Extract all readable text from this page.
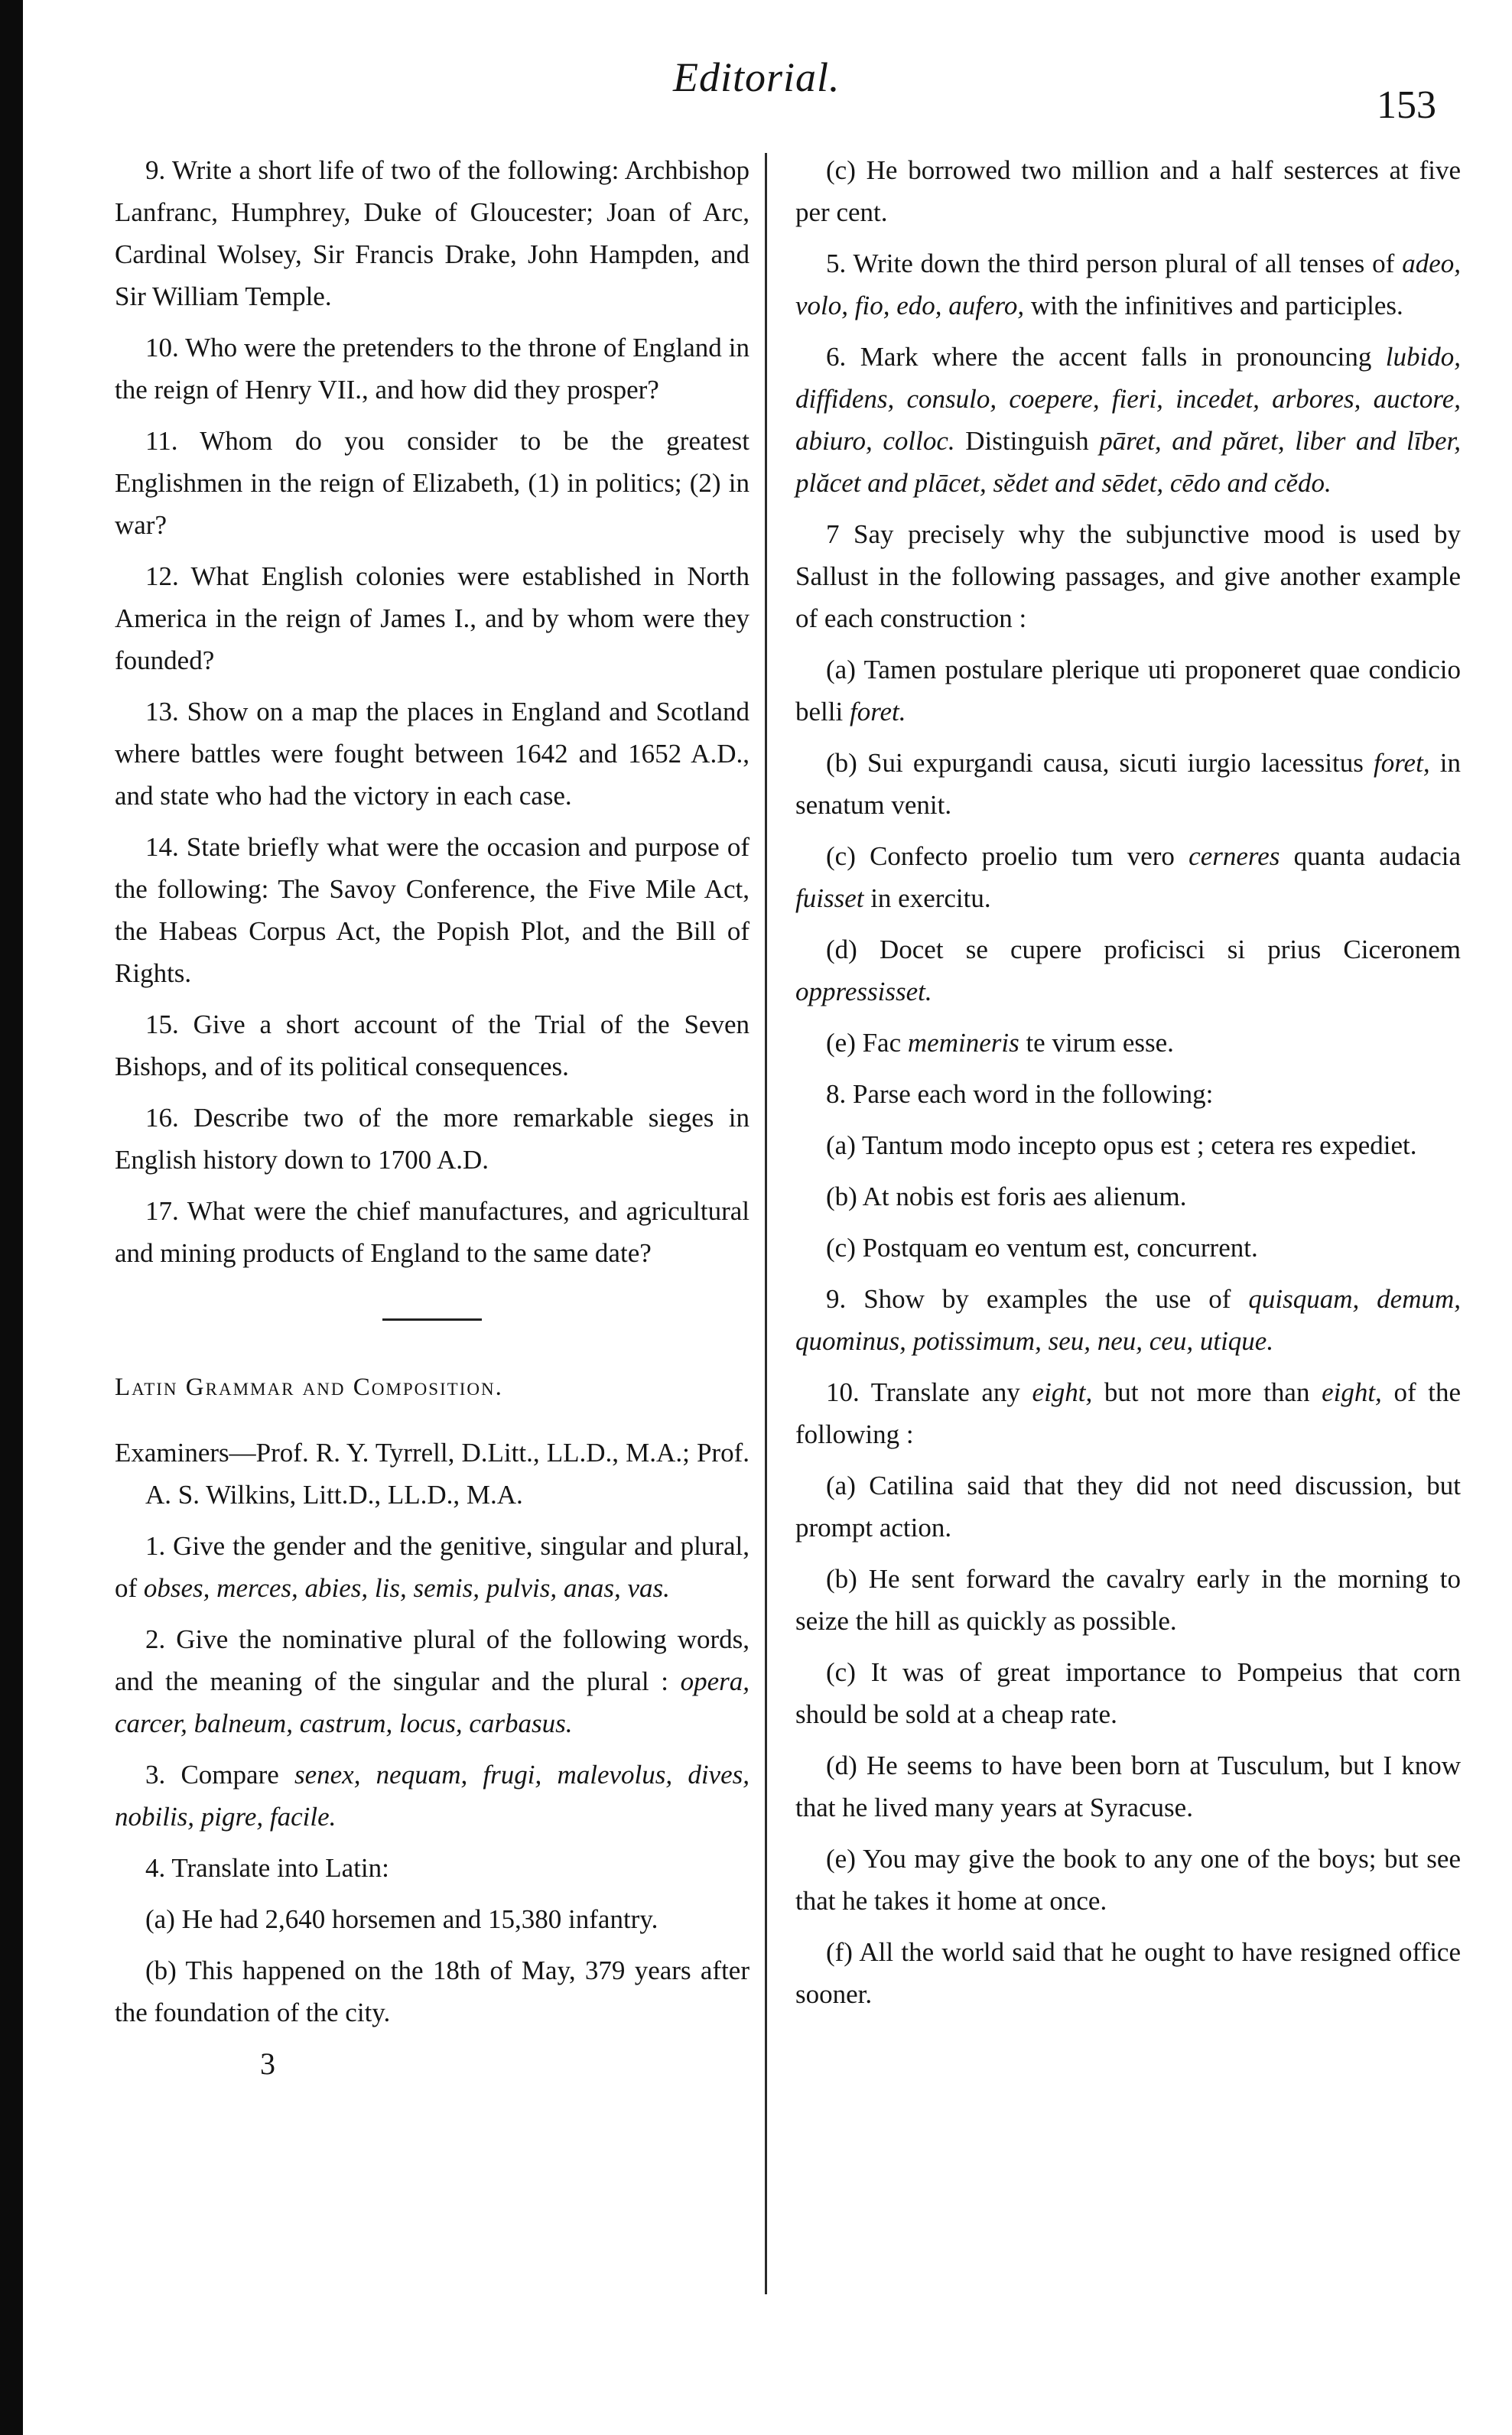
Editorial.
153

9. Write a short life of two of the following: Archbishop Lanfranc, Humphrey, Duke of Gloucester; Joan of Arc, Cardinal Wolsey, Sir Francis Drake, John Hampden, and Sir William Temple.

10. Who were the pretenders to the throne of England in the reign of Henry VII., and how did they prosper?

11. Whom do you consider to be the greatest Englishmen in the reign of Elizabeth, (1) in politics; (2) in war?

12. What English colonies were established in North America in the reign of James I., and by whom were they founded?

13. Show on a map the places in England and Scotland where battles were fought between 1642 and 1652 A.D., and state who had the victory in each case.

14. State briefly what were the occasion and purpose of the following: The Savoy Conference, the Five Mile Act, the Habeas Corpus Act, the Popish Plot, and the Bill of Rights.

15. Give a short account of the Trial of the Seven Bishops, and of its political consequences.

16. Describe two of the more remarkable sieges in English history down to 1700 A.D.

17. What were the chief manufactures, and agricultural and mining products of England to the same date?

Latin Grammar and Composition.

Examiners—Prof. R. Y. Tyrrell, D.Litt., LL.D., M.A.; Prof. A. S. Wilkins, Litt.D., LL.D., M.A.

1. Give the gender and the genitive, singular and plural, of obses, merces, abies, lis, semis, pulvis, anas, vas.

2. Give the nominative plural of the following words, and the meaning of the singular and the plural : opera, carcer, balneum, castrum, locus, carbasus.

3. Compare senex, nequam, frugi, malevolus, dives, nobilis, pigre, facile.

4. Translate into Latin:

(a) He had 2,640 horsemen and 15,380 infantry.

(b) This happened on the 18th of May, 379 years after the foundation of the city.

3

(c) He borrowed two million and a half sesterces at five per cent.

5. Write down the third person plural of all tenses of adeo, volo, fio, edo, aufero, with the infinitives and participles.

6. Mark where the accent falls in pronouncing lubido, diffidens, consulo, coepere, fieri, incedet, arbores, auctore, abiuro, colloc. Distinguish pāret, and păret, liber and līber, plăcet and plācet, sĕdet and sēdet, cēdo and cĕdo.

7 Say precisely why the subjunctive mood is used by Sallust in the following passages, and give another example of each construction :

(a) Tamen postulare plerique uti proponeret quae condicio belli foret.

(b) Sui expurgandi causa, sicuti iurgio lacessitus foret, in senatum venit.

(c) Confecto proelio tum vero cerneres quanta audacia fuisset in exercitu.

(d) Docet se cupere proficisci si prius Ciceronem oppressisset.

(e) Fac memineris te virum esse.

8. Parse each word in the following:

(a) Tantum modo incepto opus est ; cetera res expediet.

(b) At nobis est foris aes alienum.

(c) Postquam eo ventum est, concurrent.

9. Show by examples the use of quisquam, demum, quominus, potissimum, seu, neu, ceu, utique.

10. Translate any eight, but not more than eight, of the following :

(a) Catilina said that they did not need discussion, but prompt action.

(b) He sent forward the cavalry early in the morning to seize the hill as quickly as possible.

(c) It was of great importance to Pompeius that corn should be sold at a cheap rate.

(d) He seems to have been born at Tusculum, but I know that he lived many years at Syracuse.

(e) You may give the book to any one of the boys; but see that he takes it home at once.

(f) All the world said that he ought to have resigned office sooner.
